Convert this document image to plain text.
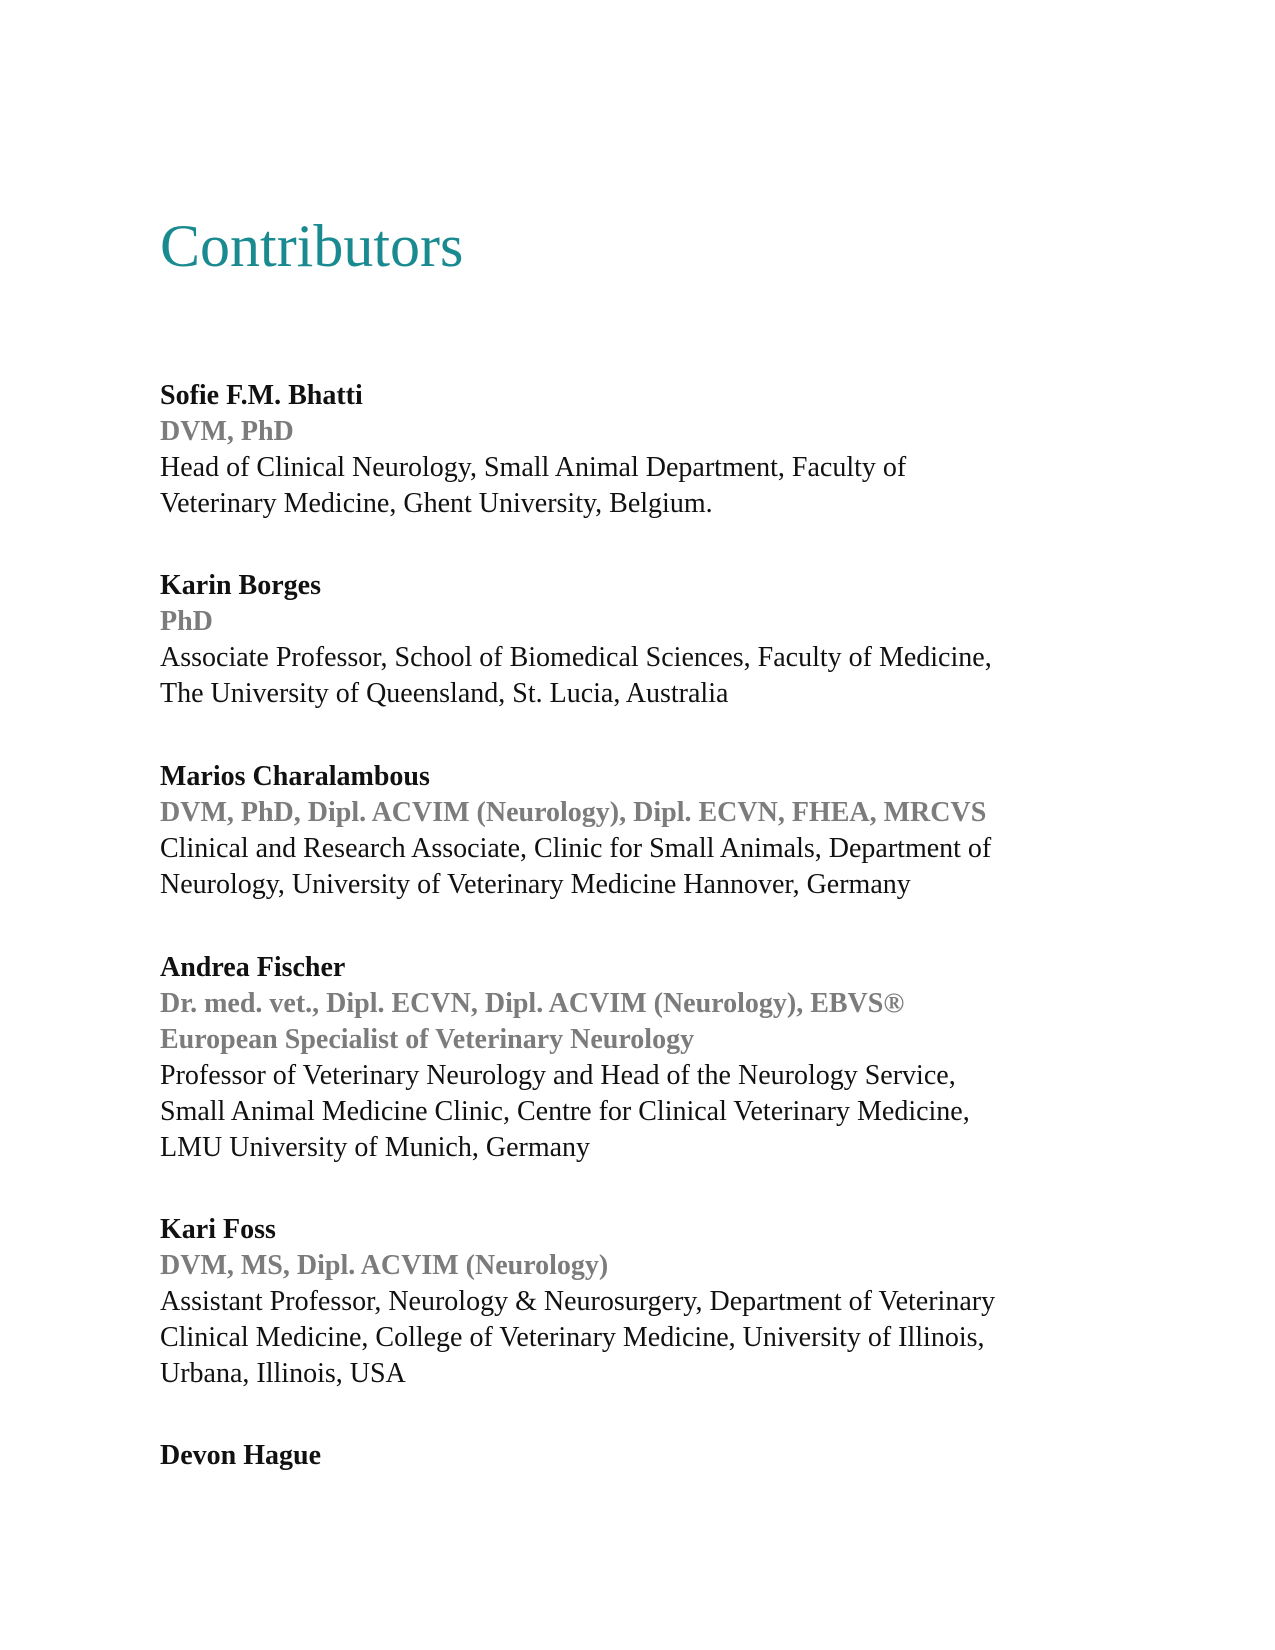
Contributors

Sofie F.M. Bhatti

DVM, PhD

Head of Clinical Neurology, Small Animal Department, Faculty of
Veterinary Medicine, Ghent University, Belgium.

Karin Borges

PhD

Associate Professor, School of Biomedical Sciences, Faculty of Medicine,
The University of Queensland, St. Lucia, Australia

Marios Charalambous

DVM, PhD, Dipl. ACVIM (Neurology), Dipl. ECVN, FHEA, MRCVS

Clinical and Research Associate, Clinic for Small Animals, Department of
Neurology, University of Veterinary Medicine Hannover, Germany

Andrea Fischer

Dr. med. vet., Dipl. ECVN, Dipl. ACVIM (Neurology), EBVS®
European Specialist of Veterinary Neurology

Professor of Veterinary Neurology and Head of the Neurology Service,
Small Animal Medicine Clinic, Centre for Clinical Veterinary Medicine,
LMU University of Munich, Germany

Kari Foss

DVM, MS, Dipl. ACVIM (Neurology)

Assistant Professor, Neurology & Neurosurgery, Department of Veterinary
Clinical Medicine, College of Veterinary Medicine, University of Illinois,
Urbana, Illinois, USA

Devon Hague
